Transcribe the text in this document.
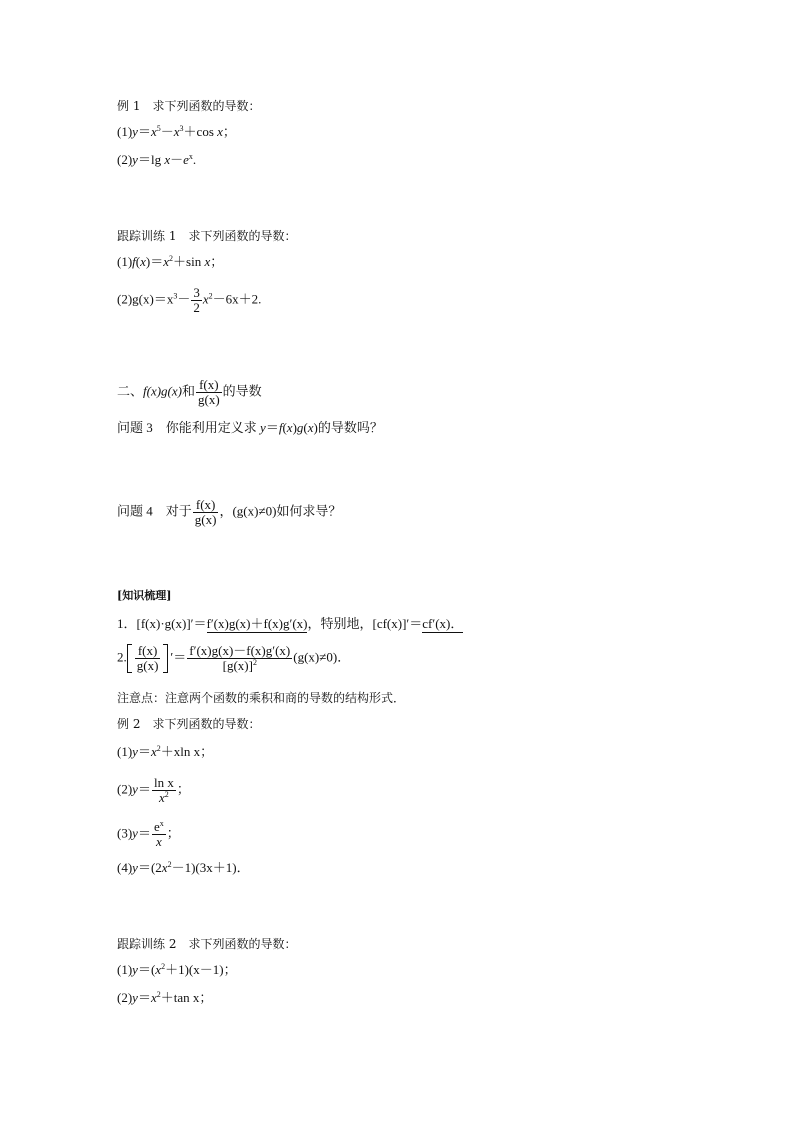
例 1　求下列函数的导数：
$(1)y=x^5-x^3+\cos$ x；
(2)y＝lg $x-e^x$.
跟踪训练 1　求下列函数的导数：
$(1)f(x)=x^2+\sin$ x；
$(2)g(x)=x^3- \frac{3}{2} x^2-6x+2$.
二、f(x)g(x)和 $\frac{f(x)}{g(x)}$ 的导数
问题 3　你能利用定义求 y＝f(x)g(x)的导数吗？
问题 4　对于 $\frac{f(x)}{g(x)}$ ，(g(x)≠0)如何求导？
[知识梳理]
1．[f(x)·g(x)]′＝f′(x)g(x)＋f(x)g′(x)，特别地，[cf(x)]′＝cf′(x)．
2. $\frac{f(x)}{g(x)}$ ′＝ $\frac{f'(x)g(x)-f(x)g'(x)}{[g(x)]^2} (g(x)\ne 0)$．
注意点：注意两个函数的乘积和商的导数的结构形式．
例 2　求下列函数的导数：
$(1)y=x^2+xln$ x；
$(2)y= \frac{\text{ln x}}{x^2}$ ；
$(3)y= \frac{e^x}{x}$ ；
$(4)y=(2x^2-1)(3x+1)$．
跟踪训练 2　求下列函数的导数：
$(1)y=(x^2+1)(x-1)$；
$(2)y=x^2+\tan$ x；
